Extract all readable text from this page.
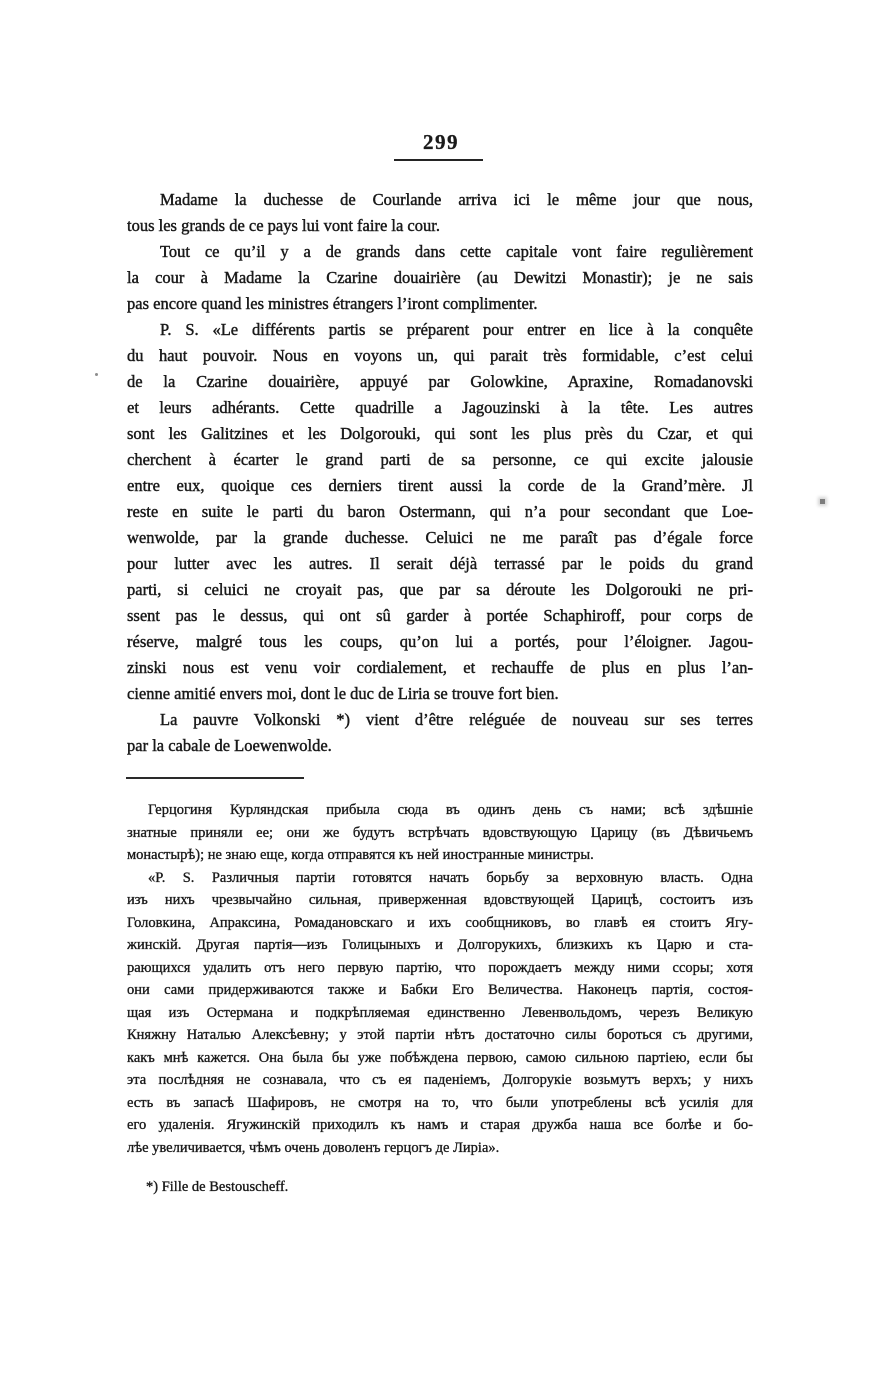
299
Madame la duchesse de Courlande arriva ici le même jour que nous,
tous les grands de ce pays lui vont faire la cour.
Tout ce qu’il y a de grands dans cette capitale vont faire regulièrement
la cour à Madame la Czarine douairière (au Dewitzi Monastir); je ne sais
pas encore quand les ministres étrangers l’iront complimenter.
P. S. «Le différents partis se préparent pour entrer en lice à la conquête
du haut pouvoir. Nous en voyons un, qui parait très formidable, c’est celui
de la Czarine douairière, appuyé par Golowkine, Apraxine, Romadanovski
et leurs adhérants. Cette quadrille a Jagouzinski à la tête. Les autres
sont les Galitzines et les Dolgorouki, qui sont les plus près du Czar, et qui
cherchent à écarter le grand parti de sa personne, ce qui excite jalousie
entre eux, quoique ces derniers tirent aussi la corde de la Grand’mère. Jl
reste en suite le parti du baron Ostermann, qui n’a pour secondant que Loe-
wenwolde, par la grande duchesse. Celuici ne me paraît pas d’égale force
pour lutter avec les autres. Il serait déjà terrassé par le poids du grand
parti, si celuici ne croyait pas, que par sa déroute les Dolgorouki ne pri-
ssent pas le dessus, qui ont sû garder à portée Schaphiroff, pour corps de
réserve, malgré tous les coups, qu’on lui a portés, pour l’éloigner. Jagou-
zinski nous est venu voir cordialement, et rechauffe de plus en plus l’an-
cienne amitié envers moi, dont le duc de Liria se trouve fort bien.
La pauvre Volkonski *) vient d’être reléguée de nouveau sur ses terres
par la cabale de Loewenwolde.
Герцогиня Курляндская прибыла сюда въ одинъ день съ нами; всѣ здѣшніе
знатные приняли ее; они же будутъ встрѣчать вдовствующую Царицу (въ Дѣвичьемъ
монастырѣ); не знаю еще, когда отправятся къ ней иностранные министры.
«P. S. Различныя партіи готовятся начать борьбу за верховную власть. Одна
изъ нихъ чрезвычайно сильная, приверженная вдовствующей Царицѣ, состоитъ изъ
Головкина, Апраксина, Ромадановскаго и ихъ сообщниковъ, во главѣ ея стоитъ Ягу-
жинскій. Другая партія—изъ Голицыныхъ и Долгорукихъ, близкихъ къ Царю и ста-
рающихся удалить отъ него первую партію, что порождаетъ между ними ссоры; хотя
они сами придерживаются также и Бабки Его Величества. Наконецъ партія, состоя-
щая изъ Остермана и подкрѣпляемая единственно Левенвольдомъ, черезъ Великую
Княжну Наталью Алексѣевну; у этой партіи нѣтъ достаточно силы бороться съ другими,
какъ мнѣ кажется. Она была бы уже побѣждена первою, самою сильною партіею, если бы
эта послѣдняя не сознавала, что съ ея паденіемъ, Долгорукіе возьмутъ верхъ; у нихъ
есть въ запасѣ Шафировъ, не смотря на то, что были употреблены всѣ усилія для
его удаленія. Ягужинскій приходилъ къ намъ и старая дружба наша все болѣе и бо-
лѣе увеличивается, чѣмъ очень доволенъ герцогъ де Лиріа».
*) Fille de Bestouscheff.
